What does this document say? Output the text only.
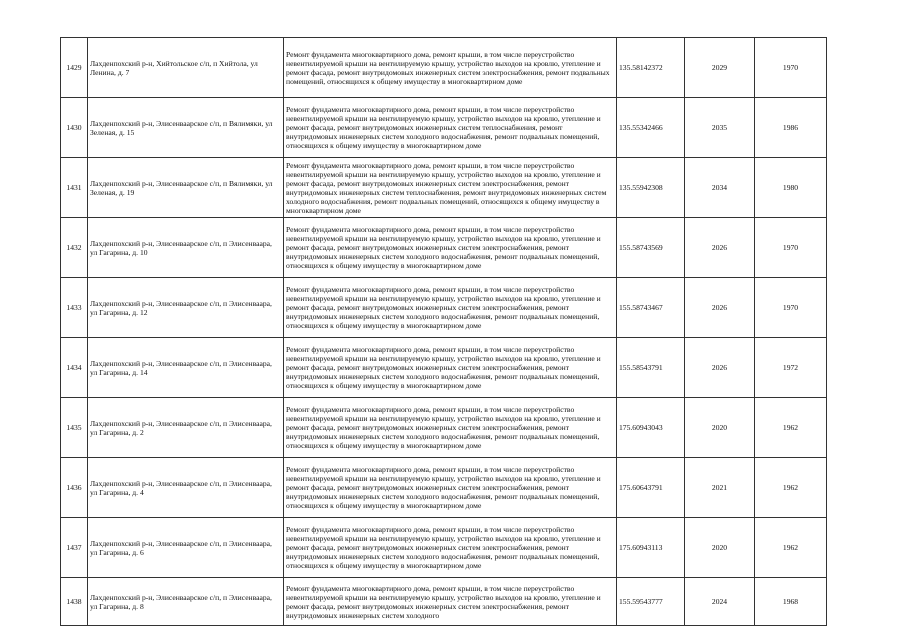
1429	Лахденпохский р-н, Хийтольское с/п, п Хийтола, ул Ленина, д. 7	Ремонт фундамента многоквартирного дома, ремонт крыши, в том числе переустройство невентилируемой крыши на вентилируемую крышу, устройство выходов на кровлю, утепление и ремонт фасада, ремонт внутридомовых инженерных систем электроснабжения, ремонт подвальных помещений, относящихся к общему имуществу в многоквартирном доме	135.58142372	2029	1970
1430	Лахденпохский р-н, Элисенваарское с/п, п Вялимяки, ул Зеленая, д. 15	Ремонт фундамента многоквартирного дома, ремонт крыши, в том числе переустройство невентилируемой крыши на вентилируемую крышу, устройство выходов на кровлю, утепление и ремонт фасада, ремонт внутридомовых инженерных систем теплоснабжения, ремонт внутридомовых инженерных систем холодного водоснабжения, ремонт подвальных помещений, относящихся к общему имуществу в многоквартирном доме	135.55342466	2035	1986
1431	Лахденпохский р-н, Элисенваарское с/п, п Вялимяки, ул Зеленая, д. 19	Ремонт фундамента многоквартирного дома, ремонт крыши, в том числе переустройство невентилируемой крыши на вентилируемую крышу, устройство выходов на кровлю, утепление и ремонт фасада, ремонт внутридомовых инженерных систем электроснабжения, ремонт внутридомовых инженерных систем теплоснабжения, ремонт внутридомовых инженерных систем холодного водоснабжения, ремонт подвальных помещений, относящихся к общему имуществу в многоквартирном доме	135.55942308	2034	1980
1432	Лахденпохский р-н, Элисенваарское с/п, п Элисенваара, ул Гагарина, д. 10	Ремонт фундамента многоквартирного дома, ремонт крыши, в том числе переустройство невентилируемой крыши на вентилируемую крышу, устройство выходов на кровлю, утепление и ремонт фасада, ремонт внутридомовых инженерных систем электроснабжения, ремонт внутридомовых инженерных систем холодного водоснабжения, ремонт подвальных помещений, относящихся к общему имуществу в многоквартирном доме	155.58743569	2026	1970
1433	Лахденпохский р-н, Элисенваарское с/п, п Элисенваара, ул Гагарина, д. 12	Ремонт фундамента многоквартирного дома, ремонт крыши, в том числе переустройство невентилируемой крыши на вентилируемую крышу, устройство выходов на кровлю, утепление и ремонт фасада, ремонт внутридомовых инженерных систем электроснабжения, ремонт внутридомовых инженерных систем холодного водоснабжения, ремонт подвальных помещений, относящихся к общему имуществу в многоквартирном доме	155.58743467	2026	1970
1434	Лахденпохский р-н, Элисенваарское с/п, п Элисенваара, ул Гагарина, д. 14	Ремонт фундамента многоквартирного дома, ремонт крыши, в том числе переустройство невентилируемой крыши на вентилируемую крышу, устройство выходов на кровлю, утепление и ремонт фасада, ремонт внутридомовых инженерных систем электроснабжения, ремонт внутридомовых инженерных систем холодного водоснабжения, ремонт подвальных помещений, относящихся к общему имуществу в многоквартирном доме	155.58543791	2026	1972
1435	Лахденпохский р-н, Элисенваарское с/п, п Элисенваара, ул Гагарина, д. 2	Ремонт фундамента многоквартирного дома, ремонт крыши, в том числе переустройство невентилируемой крыши на вентилируемую крышу, устройство выходов на кровлю, утепление и ремонт фасада, ремонт внутридомовых инженерных систем электроснабжения, ремонт внутридомовых инженерных систем холодного водоснабжения, ремонт подвальных помещений, относящихся к общему имуществу в многоквартирном доме	175.60943043	2020	1962
1436	Лахденпохский р-н, Элисенваарское с/п, п Элисенваара, ул Гагарина, д. 4	Ремонт фундамента многоквартирного дома, ремонт крыши, в том числе переустройство невентилируемой крыши на вентилируемую крышу, устройство выходов на кровлю, утепление и ремонт фасада, ремонт внутридомовых инженерных систем электроснабжения, ремонт внутридомовых инженерных систем холодного водоснабжения, ремонт подвальных помещений, относящихся к общему имуществу в многоквартирном доме	175.60643791	2021	1962
1437	Лахденпохский р-н, Элисенваарское с/п, п Элисенваара, ул Гагарина, д. 6	Ремонт фундамента многоквартирного дома, ремонт крыши, в том числе переустройство невентилируемой крыши на вентилируемую крышу, устройство выходов на кровлю, утепление и ремонт фасада, ремонт внутридомовых инженерных систем электроснабжения, ремонт внутридомовых инженерных систем холодного водоснабжения, ремонт подвальных помещений, относящихся к общему имуществу в многоквартирном доме	175.60943113	2020	1962
1438	Лахденпохский р-н, Элисенваарское с/п, п Элисенваара, ул Гагарина, д. 8	Ремонт фундамента многоквартирного дома, ремонт крыши, в том числе переустройство невентилируемой крыши на вентилируемую крышу, устройство выходов на кровлю, утепление и ремонт фасада, ремонт внутридомовых инженерных систем электроснабжения, ремонт внутридомовых инженерных систем холодного	155.59543777	2024	1968
